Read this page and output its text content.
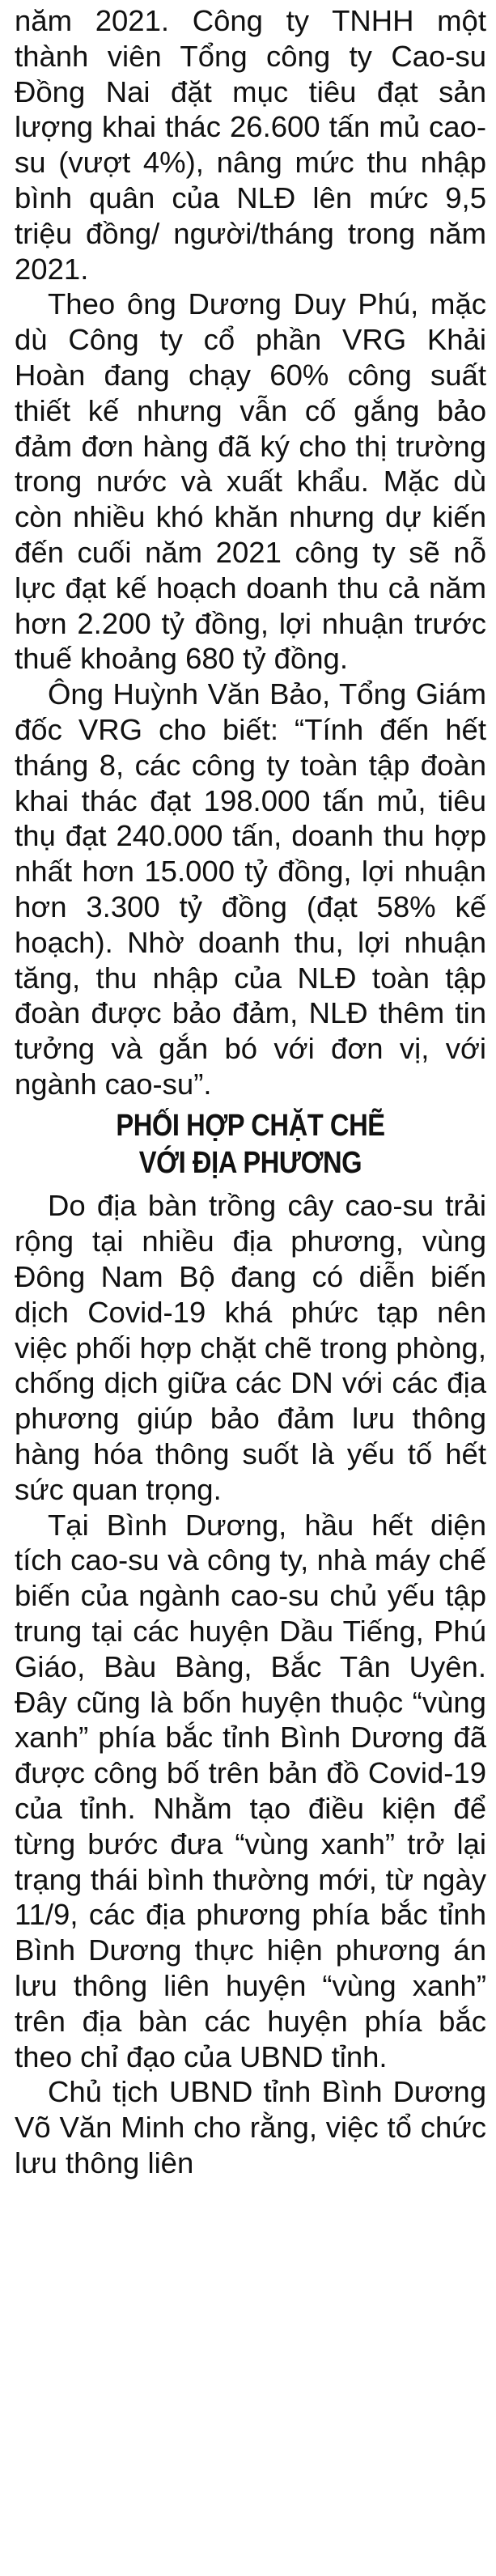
năm 2021. Công ty TNHH một thành viên Tổng công ty Cao-su Đồng Nai đặt mục tiêu đạt sản lượng khai thác 26.600 tấn mủ cao-su (vượt 4%), nâng mức thu nhập bình quân của NLĐ lên mức 9,5 triệu đồng/ người/tháng trong năm 2021.

Theo ông Dương Duy Phú, mặc dù Công ty cổ phần VRG Khải Hoàn đang chạy 60% công suất thiết kế nhưng vẫn cố gắng bảo đảm đơn hàng đã ký cho thị trường trong nước và xuất khẩu. Mặc dù còn nhiều khó khăn nhưng dự kiến đến cuối năm 2021 công ty sẽ nỗ lực đạt kế hoạch doanh thu cả năm hơn 2.200 tỷ đồng, lợi nhuận trước thuế khoảng 680 tỷ đồng.

Ông Huỳnh Văn Bảo, Tổng Giám đốc VRG cho biết: “Tính đến hết tháng 8, các công ty toàn tập đoàn khai thác đạt 198.000 tấn mủ, tiêu thụ đạt 240.000 tấn, doanh thu hợp nhất hơn 15.000 tỷ đồng, lợi nhuận hơn 3.300 tỷ đồng (đạt 58% kế hoạch). Nhờ doanh thu, lợi nhuận tăng, thu nhập của NLĐ toàn tập đoàn được bảo đảm, NLĐ thêm tin tưởng và gắn bó với đơn vị, với ngành cao-su”.

PHỐI HỢP CHẶT CHẼ
VỚI ĐỊA PHƯƠNG

Do địa bàn trồng cây cao-su trải rộng tại nhiều địa phương, vùng Đông Nam Bộ đang có diễn biến dịch Covid-19 khá phức tạp nên việc phối hợp chặt chẽ trong phòng, chống dịch giữa các DN với các địa phương giúp bảo đảm lưu thông hàng hóa thông suốt là yếu tố hết sức quan trọng.

Tại Bình Dương, hầu hết diện tích cao-su và công ty, nhà máy chế biến của ngành cao-su chủ yếu tập trung tại các huyện Dầu Tiếng, Phú Giáo, Bàu Bàng, Bắc Tân Uyên. Đây cũng là bốn huyện thuộc “vùng xanh” phía bắc tỉnh Bình Dương đã được công bố trên bản đồ Covid-19 của tỉnh. Nhằm tạo điều kiện để từng bước đưa “vùng xanh” trở lại trạng thái bình thường mới, từ ngày 11/9, các địa phương phía bắc tỉnh Bình Dương thực hiện phương án lưu thông liên huyện “vùng xanh” trên địa bàn các huyện phía bắc theo chỉ đạo của UBND tỉnh.

Chủ tịch UBND tỉnh Bình Dương Võ Văn Minh cho rằng, việc tổ chức lưu thông liên
